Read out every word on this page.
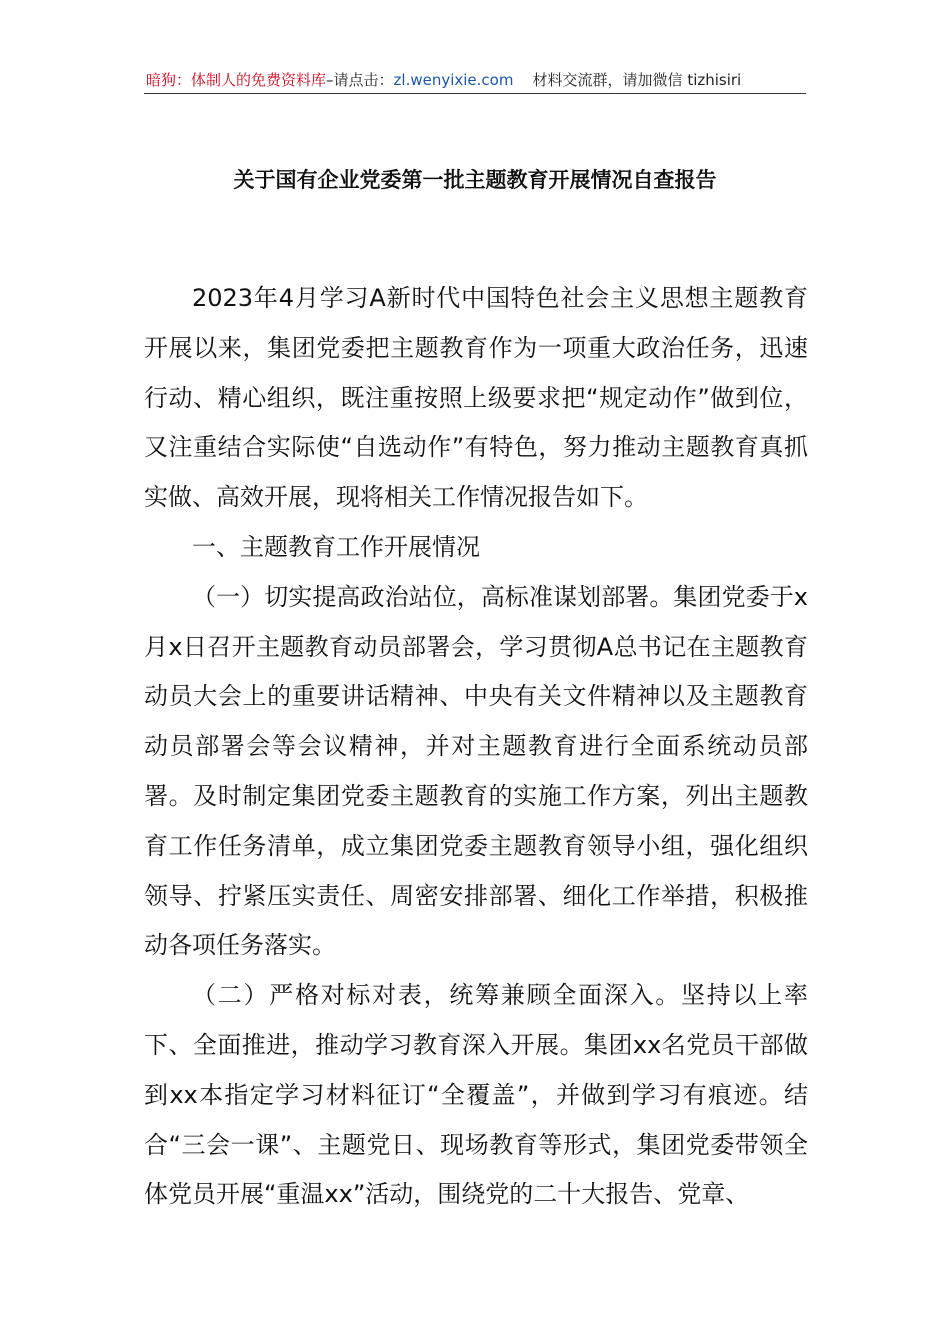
暗狗：体制人的免费资料库–请点击：zl.wenyixie.com 材料交流群，请加微信 tizhisiri
关于国有企业党委第一批主题教育开展情况自查报告

2023年4月学习A新时代中国特色社会主义思想主题教育开展以来，集团党委把主题教育作为一项重大政治任务，迅速行动、精心组织，既注重按照上级要求把“规定动作”做到位，又注重结合实际使“自选动作”有特色，努力推动主题教育真抓实做、高效开展，现将相关工作情况报告如下。

一、主题教育工作开展情况

（一）切实提高政治站位，高标准谋划部署。集团党委于x月x日召开主题教育动员部署会，学习贯彻A总书记在主题教育动员大会上的重要讲话精神、中央有关文件精神以及主题教育动员部署会等会议精神，并对主题教育进行全面系统动员部署。及时制定集团党委主题教育的实施工作方案，列出主题教育工作任务清单，成立集团党委主题教育领导小组，强化组织领导、拧紧压实责任、周密安排部署、细化工作举措，积极推动各项任务落实。

（二）严格对标对表，统筹兼顾全面深入。坚持以上率下、全面推进，推动学习教育深入开展。集团xx名党员干部做到xx本指定学习材料征订“全覆盖”，并做到学习有痕迹。结合“三会一课”、主题党日、现场教育等形式，集团党委带领全体党员开展“重温xx”活动，围绕党的二十大报告、党章、
